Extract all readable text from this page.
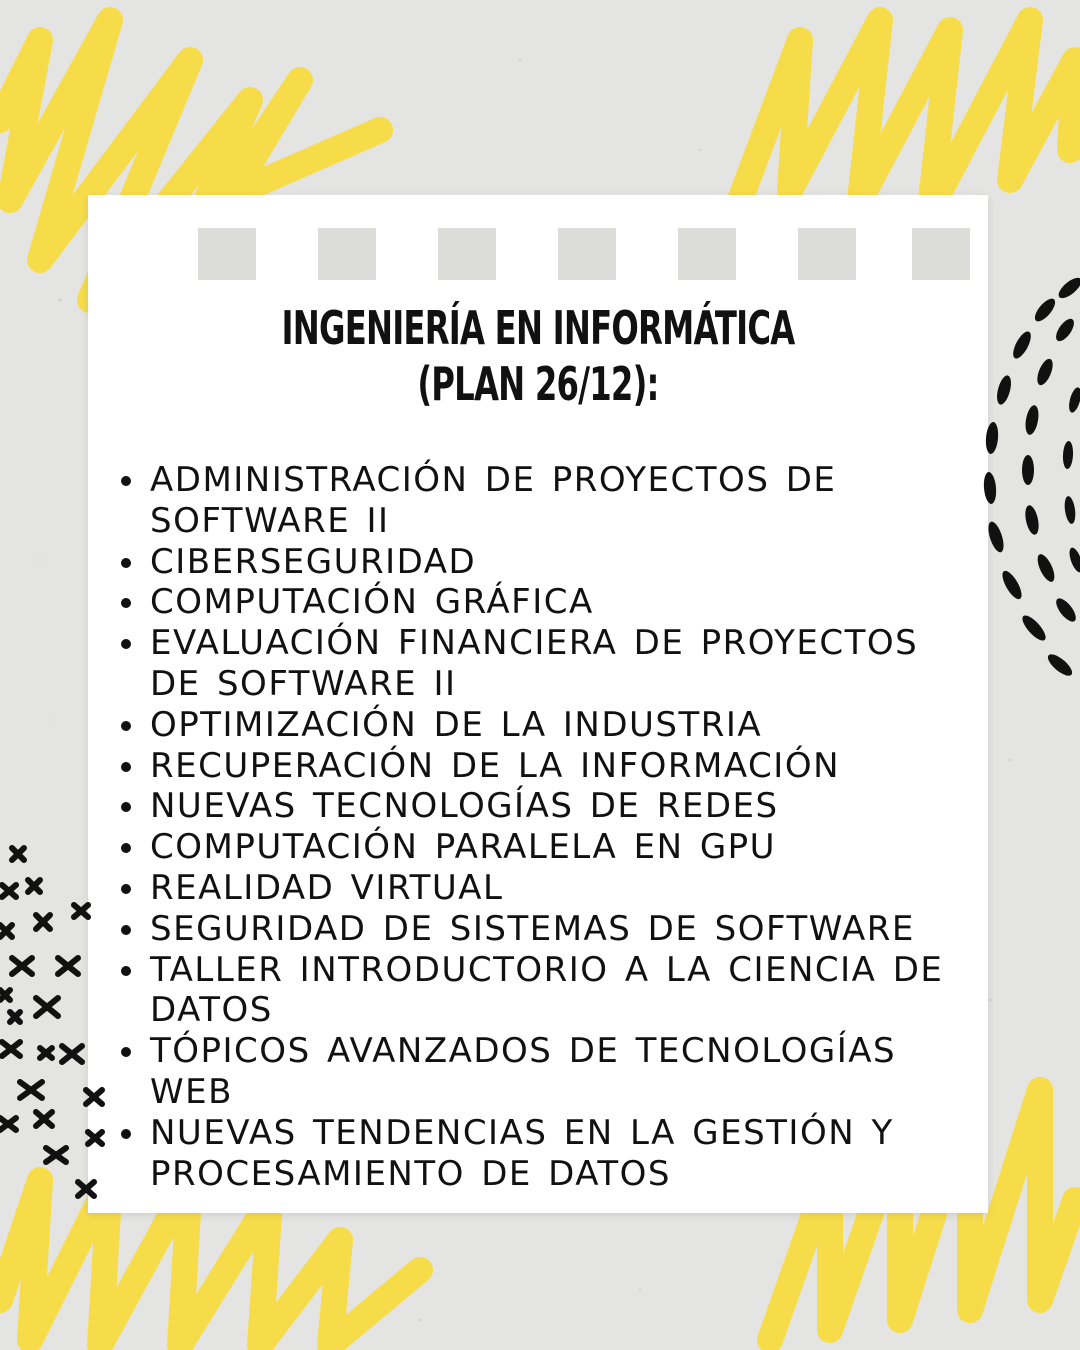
INGENIERÍA EN INFORMÁTICA
(PLAN 26/12):
ADMINISTRACIÓN DE PROYECTOS DE SOFTWARE II
CIBERSEGURIDAD
COMPUTACIÓN GRÁFICA
EVALUACIÓN FINANCIERA DE PROYECTOS DE SOFTWARE II
OPTIMIZACIÓN DE LA INDUSTRIA
RECUPERACIÓN DE LA INFORMACIÓN
NUEVAS TECNOLOGÍAS DE REDES
COMPUTACIÓN PARALELA EN GPU
REALIDAD VIRTUAL
SEGURIDAD DE SISTEMAS DE SOFTWARE
TALLER INTRODUCTORIO A LA CIENCIA DE DATOS
TÓPICOS AVANZADOS DE TECNOLOGÍAS WEB
NUEVAS TENDENCIAS EN LA GESTIÓN Y PROCESAMIENTO DE DATOS
